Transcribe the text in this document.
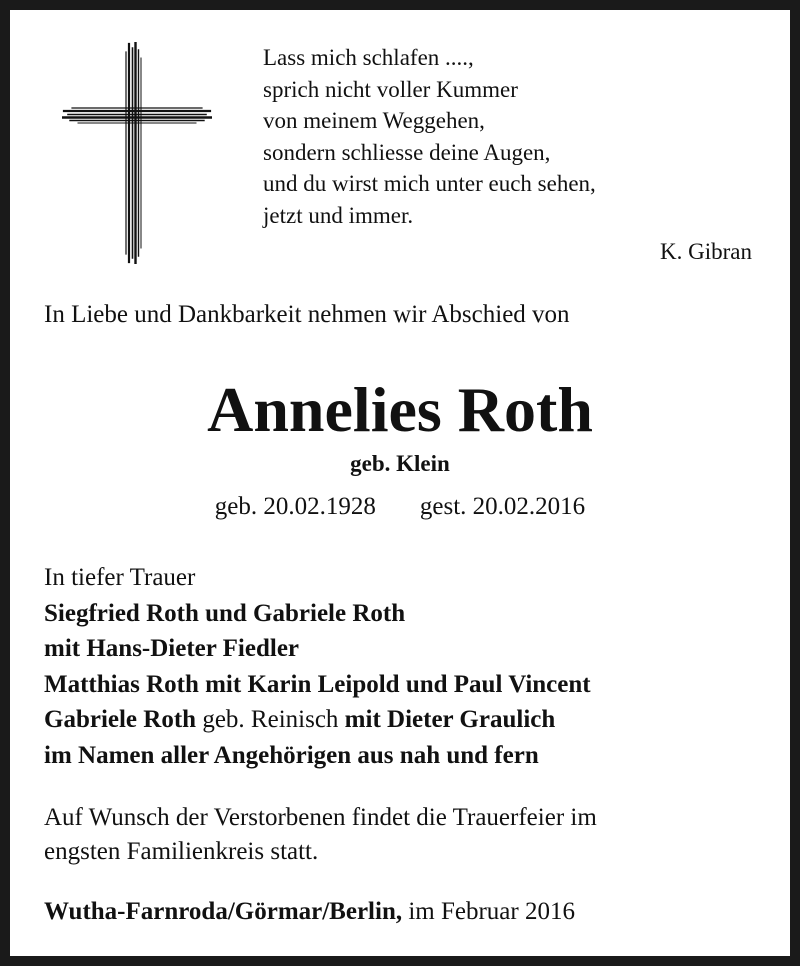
Lass mich schlafen ....,
sprich nicht voller Kummer
von meinem Weggehen,
sondern schliesse deine Augen,
und du wirst mich unter euch sehen,
jetzt und immer.
K. Gibran
In Liebe und Dankbarkeit nehmen wir Abschied von
Annelies Roth
geb. Klein
geb. 20.02.1928 gest. 20.02.2016
In tiefer Trauer
Siegfried Roth und Gabriele Roth
mit Hans-Dieter Fiedler
Matthias Roth mit Karin Leipold und Paul Vincent
Gabriele Roth geb. Reinisch mit Dieter Graulich
im Namen aller Angehörigen aus nah und fern
Auf Wunsch der Verstorbenen findet die Trauerfeier im
engsten Familienkreis statt.
Wutha-Farnroda/Görmar/Berlin, im Februar 2016
